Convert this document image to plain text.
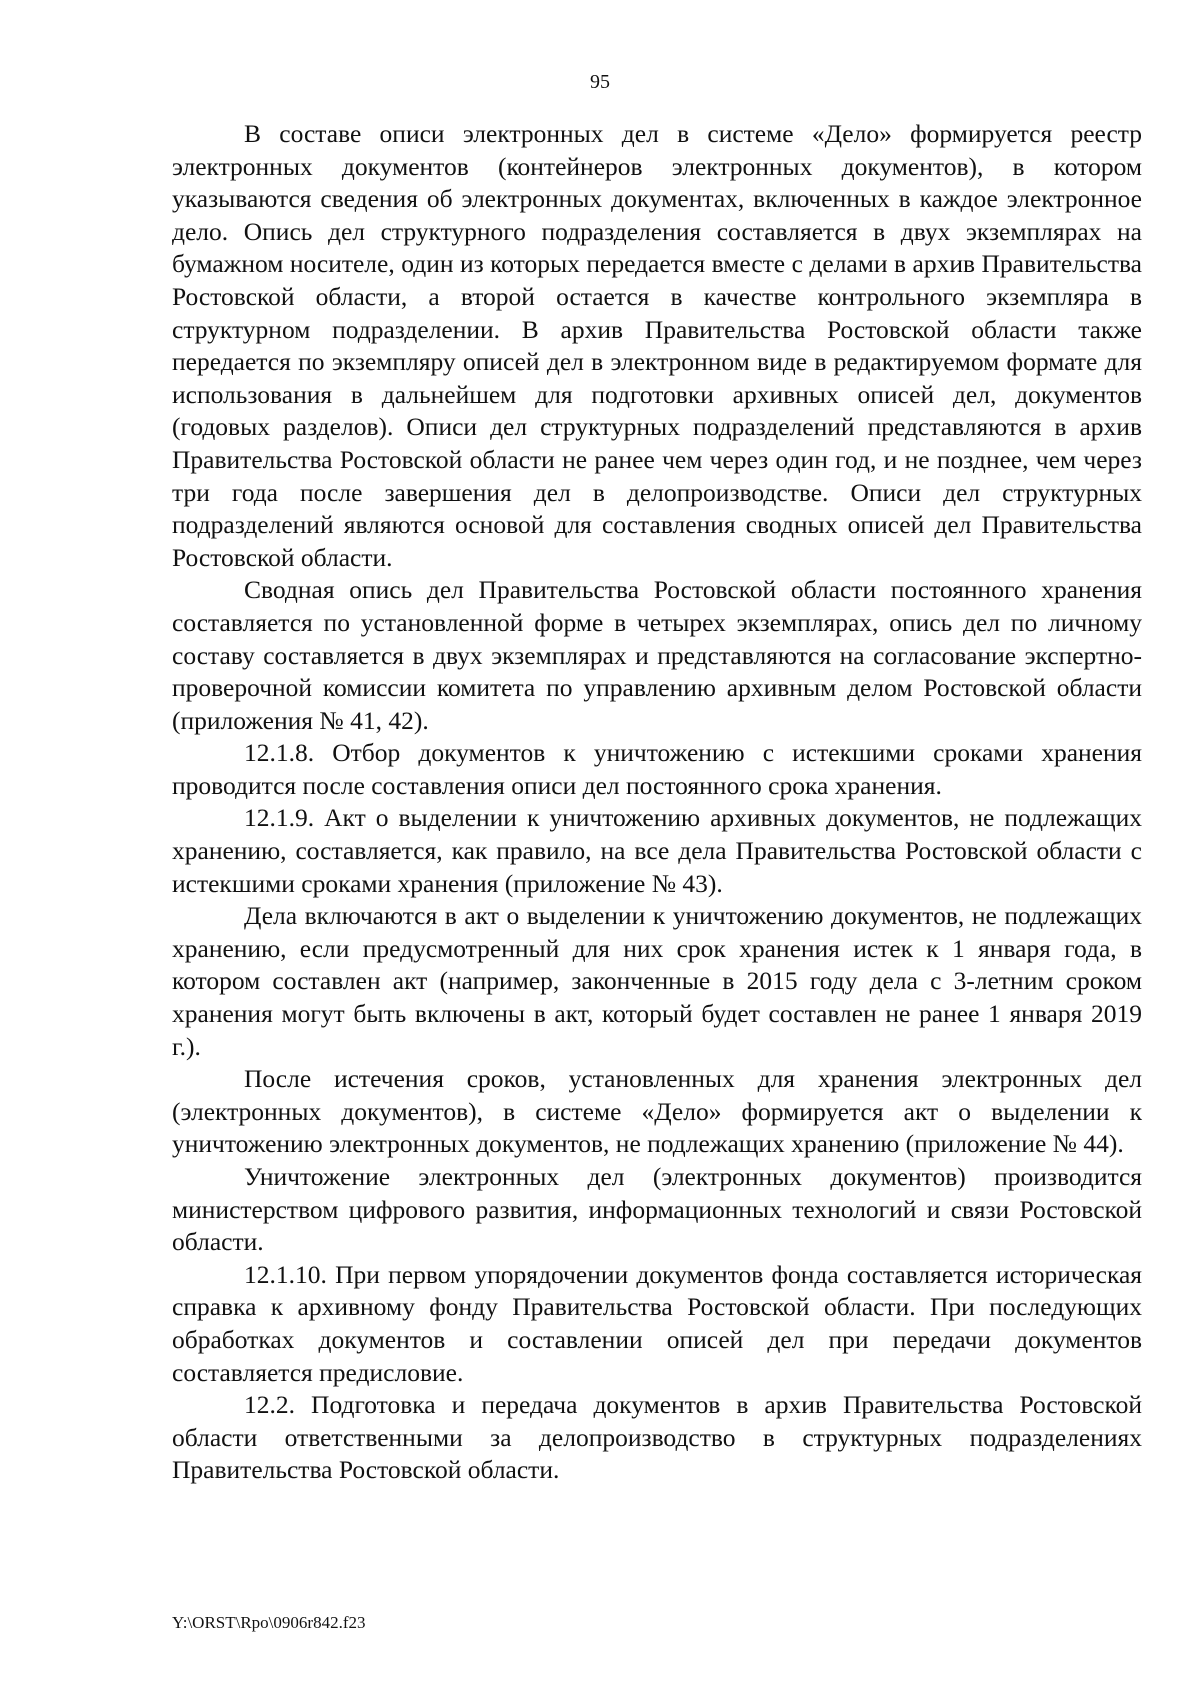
95

В составе описи электронных дел в системе «Дело» формируется реестр электронных документов (контейнеров электронных документов), в котором указываются сведения об электронных документах, включенных в каждое электронное дело. Опись дел структурного подразделения составляется в двух экземплярах на бумажном носителе, один из которых передается вместе с делами в архив Правительства Ростовской области, а второй остается в качестве контрольного экземпляра в структурном подразделении. В архив Правительства Ростовской области также передается по экземпляру описей дел в электронном виде в редактируемом формате для использования в дальнейшем для подготовки архивных описей дел, документов (годовых разделов). Описи дел структурных подразделений представляются в архив Правительства Ростовской области не ранее чем через один год, и не позднее, чем через три года после завершения дел в делопроизводстве. Описи дел структурных подразделений являются основой для составления сводных описей дел Правительства Ростовской области.

Сводная опись дел Правительства Ростовской области постоянного хранения составляется по установленной форме в четырех экземплярах, опись дел по личному составу составляется в двух экземплярах и представляются на согласование экспертно-проверочной комиссии комитета по управлению архивным делом Ростовской области (приложения № 41, 42).

12.1.8. Отбор документов к уничтожению с истекшими сроками хранения проводится после составления описи дел постоянного срока хранения.

12.1.9. Акт о выделении к уничтожению архивных документов, не подлежащих хранению, составляется, как правило, на все дела Правительства Ростовской области с истекшими сроками хранения (приложение № 43).

Дела включаются в акт о выделении к уничтожению документов, не подлежащих хранению, если предусмотренный для них срок хранения истек к 1 января года, в котором составлен акт (например, законченные в 2015 году дела с 3-летним сроком хранения могут быть включены в акт, который будет составлен не ранее 1 января 2019 г.).

После истечения сроков, установленных для хранения электронных дел (электронных документов), в системе «Дело» формируется акт о выделении к уничтожению электронных документов, не подлежащих хранению (приложение № 44).

Уничтожение электронных дел (электронных документов) производится министерством цифрового развития, информационных технологий и связи Ростовской области.

12.1.10. При первом упорядочении документов фонда составляется историческая справка к архивному фонду Правительства Ростовской области. При последующих обработках документов и составлении описей дел при передачи документов составляется предисловие.

12.2. Подготовка и передача документов в архив Правительства Ростовской области ответственными за делопроизводство в структурных подразделениях Правительства Ростовской области.

Y:\ORST\Rpo\0906r842.f23
